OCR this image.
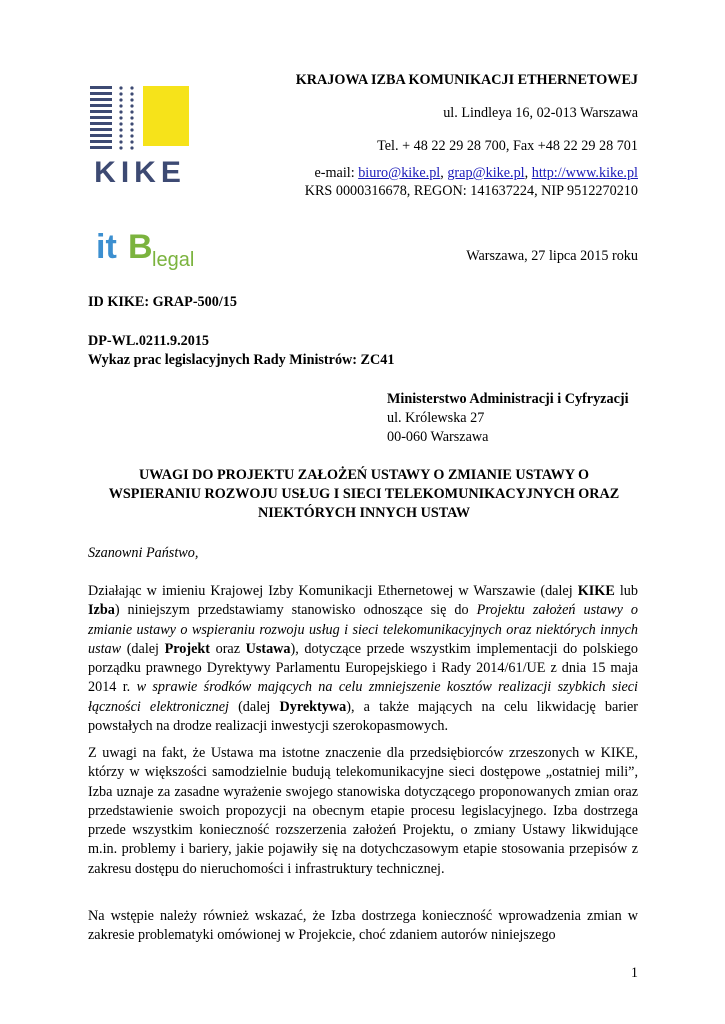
KIKE
it B legal
KRAJOWA IZBA KOMUNIKACJI ETHERNETOWEJ
ul. Lindleya 16, 02-013 Warszawa
Tel. + 48 22 29 28 700, Fax +48 22 29 28 701
e-mail: biuro@kike.pl, grap@kike.pl, http://www.kike.pl
KRS 0000316678, REGON: 141637224, NIP 9512270210
Warszawa, 27 lipca 2015 roku
ID KIKE: GRAP-500/15
DP-WL.0211.9.2015
Wykaz prac legislacyjnych Rady Ministrów: ZC41
Ministerstwo Administracji i Cyfryzacji
ul. Królewska 27
00-060 Warszawa
UWAGI DO PROJEKTU ZAŁOŻEŃ USTAWY O ZMIANIE USTAWY O
WSPIERANIU ROZWOJU USŁUG I SIECI TELEKOMUNIKACYJNYCH ORAZ
NIEKTÓRYCH INNYCH USTAW
Szanowni Państwo,
Działając w imieniu Krajowej Izby Komunikacji Ethernetowej w Warszawie (dalej KIKE lub Izba) niniejszym przedstawiamy stanowisko odnoszące się do Projektu założeń ustawy o zmianie ustawy o wspieraniu rozwoju usług i sieci telekomunikacyjnych oraz niektórych innych ustaw (dalej Projekt oraz Ustawa), dotyczące przede wszystkim implementacji do polskiego porządku prawnego Dyrektywy Parlamentu Europejskiego i Rady 2014/61/UE z dnia 15 maja 2014 r. w sprawie środków mających na celu zmniejszenie kosztów realizacji szybkich sieci łączności elektronicznej (dalej Dyrektywa), a także mających na celu likwidację barier powstałych na drodze realizacji inwestycji szerokopasmowych.
Z uwagi na fakt, że Ustawa ma istotne znaczenie dla przedsiębiorców zrzeszonych w KIKE, którzy w większości samodzielnie budują telekomunikacyjne sieci dostępowe „ostatniej mili”, Izba uznaje za zasadne wyrażenie swojego stanowiska dotyczącego proponowanych zmian oraz przedstawienie swoich propozycji na obecnym etapie procesu legislacyjnego. Izba dostrzega przede wszystkim konieczność rozszerzenia założeń Projektu, o zmiany Ustawy likwidujące m.in. problemy i bariery, jakie pojawiły się na dotychczasowym etapie stosowania przepisów z zakresu dostępu do nieruchomości i infrastruktury technicznej.
Na wstępie należy również wskazać, że Izba dostrzega konieczność wprowadzenia zmian w zakresie problematyki omówionej w Projekcie, choć zdaniem autorów niniejszego
1
